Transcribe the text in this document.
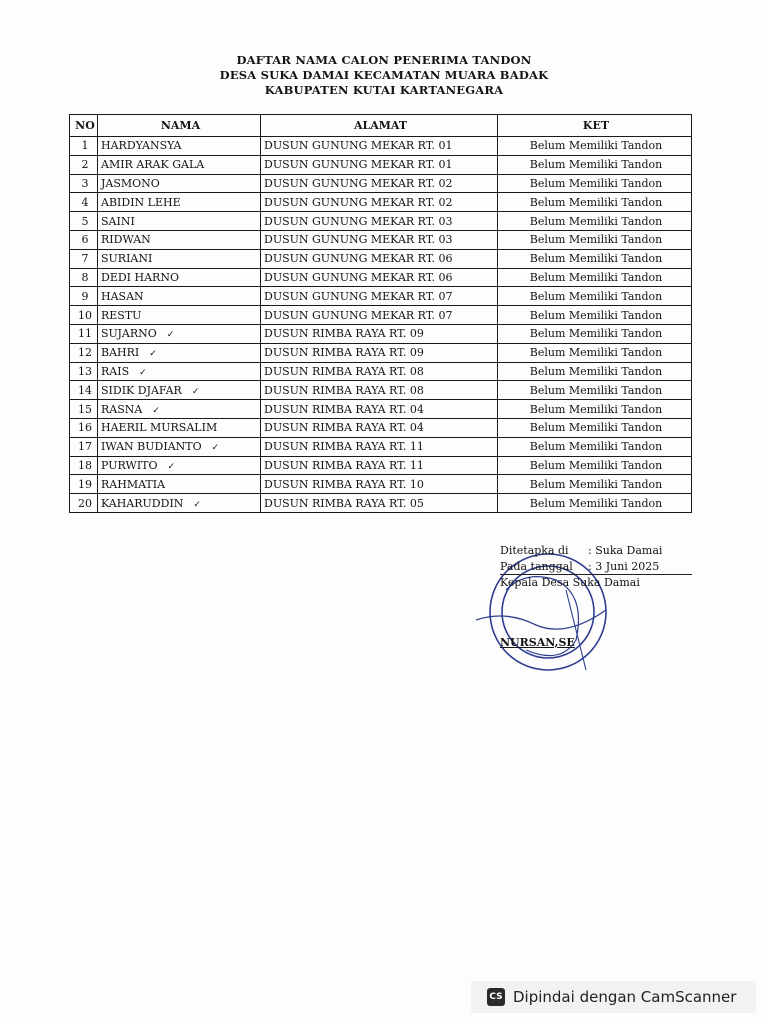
DAFTAR NAMA CALON PENERIMA TANDON
DESA SUKA DAMAI KECAMATAN MUARA BADAK
KABUPATEN KUTAI KARTANEGARA
NO	NAMA	ALAMAT	KET
1	HARDYANSYA	DUSUN GUNUNG MEKAR RT. 01	Belum Memiliki Tandon
2	AMIR ARAK GALA	DUSUN GUNUNG MEKAR RT. 01	Belum Memiliki Tandon
3	JASMONO	DUSUN GUNUNG MEKAR RT. 02	Belum Memiliki Tandon
4	ABIDIN LEHE	DUSUN GUNUNG MEKAR RT. 02	Belum Memiliki Tandon
5	SAINI	DUSUN GUNUNG MEKAR RT. 03	Belum Memiliki Tandon
6	RIDWAN	DUSUN GUNUNG MEKAR RT. 03	Belum Memiliki Tandon
7	SURIANI	DUSUN GUNUNG MEKAR RT. 06	Belum Memiliki Tandon
8	DEDI HARNO	DUSUN GUNUNG MEKAR RT. 06	Belum Memiliki Tandon
9	HASAN	DUSUN GUNUNG MEKAR RT. 07	Belum Memiliki Tandon
10	RESTU	DUSUN GUNUNG MEKAR RT. 07	Belum Memiliki Tandon
11	SUJARNO ✓	DUSUN RIMBA RAYA RT. 09	Belum Memiliki Tandon
12	BAHRI ✓	DUSUN RIMBA RAYA RT. 09	Belum Memiliki Tandon
13	RAIS ✓	DUSUN RIMBA RAYA RT. 08	Belum Memiliki Tandon
14	SIDIK DJAFAR ✓	DUSUN RIMBA RAYA RT. 08	Belum Memiliki Tandon
15	RASNA ✓	DUSUN RIMBA RAYA RT. 04	Belum Memiliki Tandon
16	HAERIL MURSALIM	DUSUN RIMBA RAYA RT. 04	Belum Memiliki Tandon
17	IWAN BUDIANTO ✓	DUSUN RIMBA RAYA RT. 11	Belum Memiliki Tandon
18	PURWITO ✓	DUSUN RIMBA RAYA RT. 11	Belum Memiliki Tandon
19	RAHMATIA	DUSUN RIMBA RAYA RT. 10	Belum Memiliki Tandon
20	KAHARUDDIN ✓	DUSUN RIMBA RAYA RT. 05	Belum Memiliki Tandon
Ditetapka di : Suka Damai
Pada tanggal : 3 Juni 2025
Kepala Desa Suka Damai
NURSAN,SE
CS Dipindai dengan CamScanner
